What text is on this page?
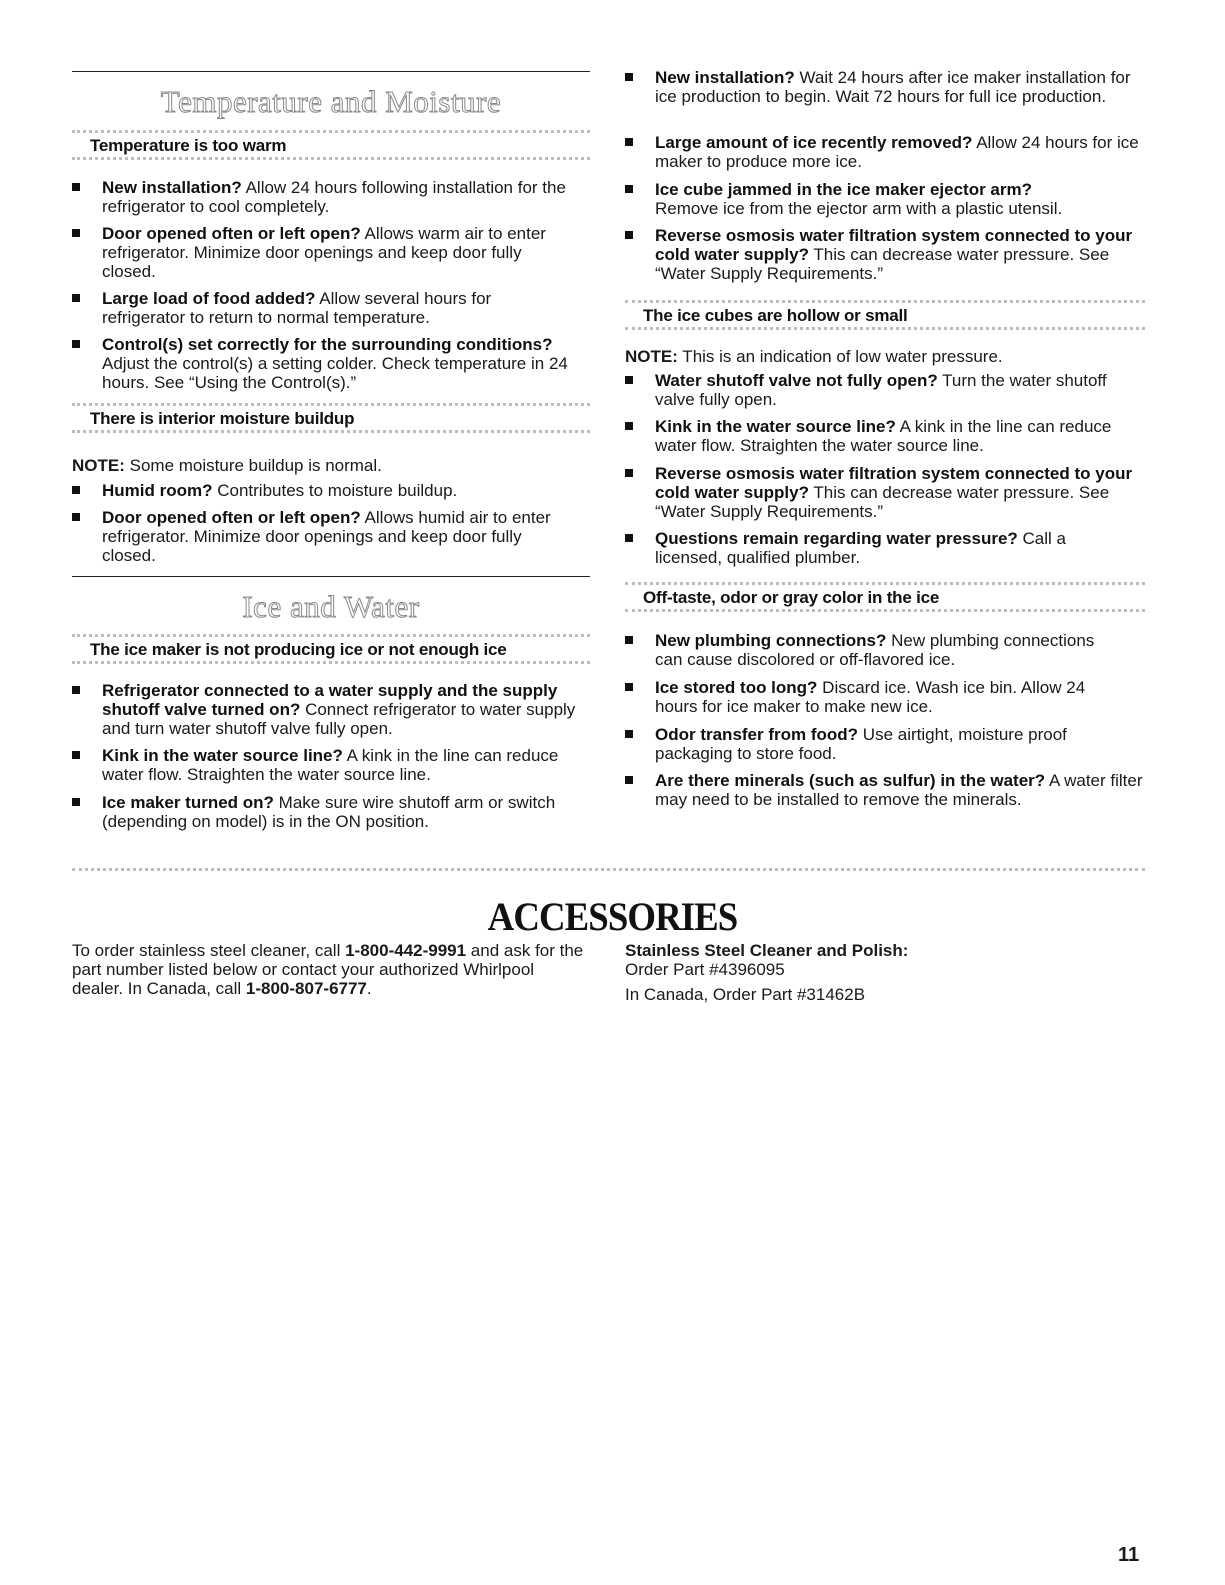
Temperature and Moisture
Temperature is too warm
New installation? Allow 24 hours following installation for the refrigerator to cool completely.
Door opened often or left open? Allows warm air to enter refrigerator. Minimize door openings and keep door fully closed.
Large load of food added? Allow several hours for refrigerator to return to normal temperature.
Control(s) set correctly for the surrounding conditions? Adjust the control(s) a setting colder. Check temperature in 24 hours. See “Using the Control(s).”
There is interior moisture buildup
NOTE: Some moisture buildup is normal.
Humid room? Contributes to moisture buildup.
Door opened often or left open? Allows humid air to enter refrigerator. Minimize door openings and keep door fully closed.
Ice and Water
The ice maker is not producing ice or not enough ice
Refrigerator connected to a water supply and the supply shutoff valve turned on? Connect refrigerator to water supply and turn water shutoff valve fully open.
Kink in the water source line? A kink in the line can reduce water flow. Straighten the water source line.
Ice maker turned on? Make sure wire shutoff arm or switch (depending on model) is in the ON position.
New installation? Wait 24 hours after ice maker installation for ice production to begin. Wait 72 hours for full ice production.
Large amount of ice recently removed? Allow 24 hours for ice maker to produce more ice.
Ice cube jammed in the ice maker ejector arm?
Remove ice from the ejector arm with a plastic utensil.
Reverse osmosis water filtration system connected to your cold water supply? This can decrease water pressure. See “Water Supply Requirements.”
The ice cubes are hollow or small
NOTE: This is an indication of low water pressure.
Water shutoff valve not fully open? Turn the water shutoff valve fully open.
Kink in the water source line? A kink in the line can reduce water flow. Straighten the water source line.
Reverse osmosis water filtration system connected to your cold water supply? This can decrease water pressure. See “Water Supply Requirements.”
Questions remain regarding water pressure? Call a licensed, qualified plumber.
Off-taste, odor or gray color in the ice
New plumbing connections? New plumbing connections can cause discolored or off-flavored ice.
Ice stored too long? Discard ice. Wash ice bin. Allow 24 hours for ice maker to make new ice.
Odor transfer from food? Use airtight, moisture proof packaging to store food.
Are there minerals (such as sulfur) in the water? A water filter may need to be installed to remove the minerals.
ACCESSORIES
To order stainless steel cleaner, call 1-800-442-9991 and ask for the part number listed below or contact your authorized Whirlpool dealer. In Canada, call 1-800-807-6777.
Stainless Steel Cleaner and Polish:
Order Part #4396095
In Canada, Order Part #31462B
11
